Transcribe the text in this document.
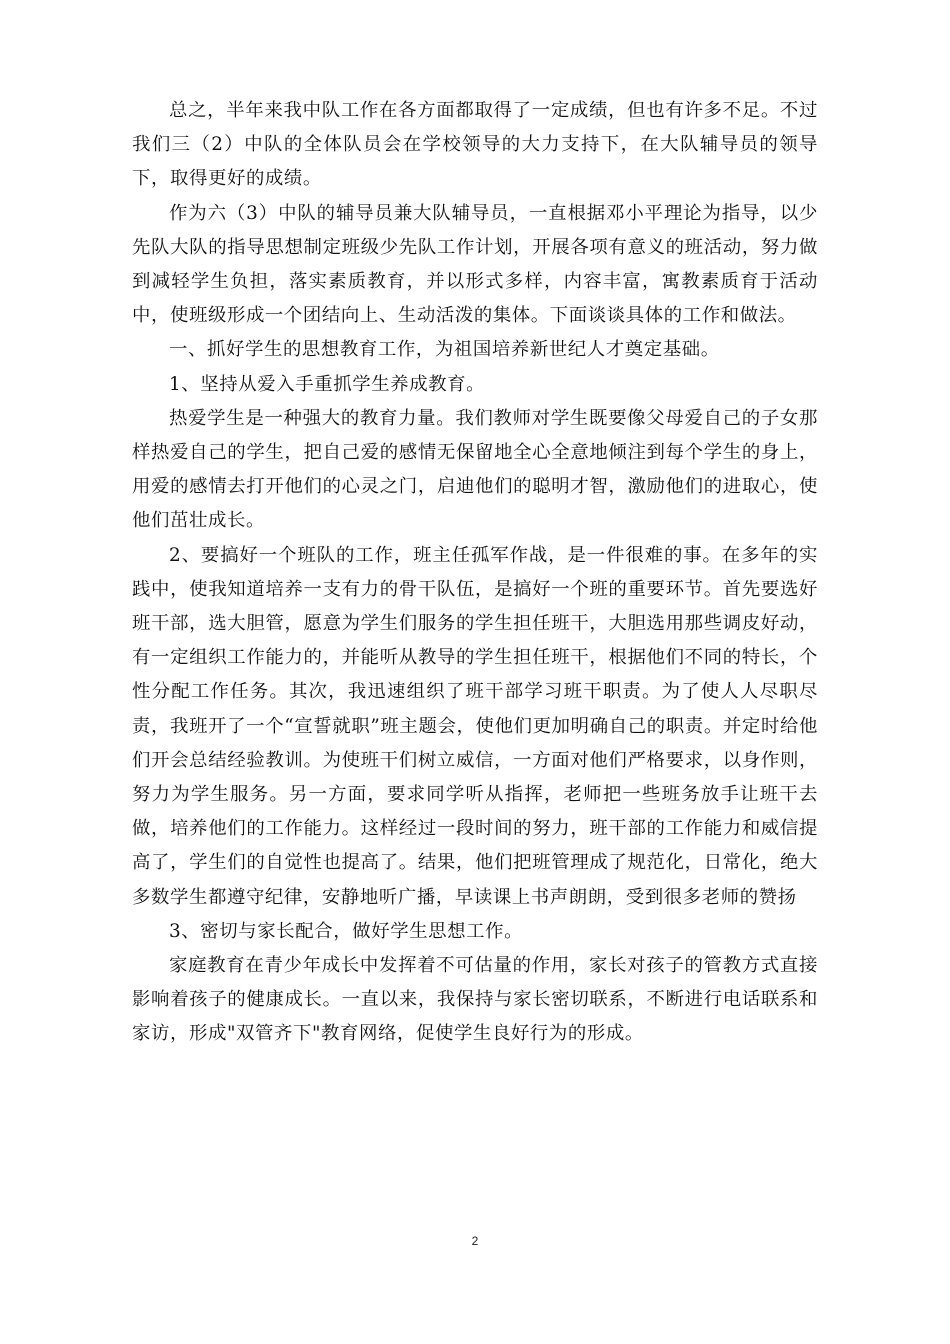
总之，半年来我中队工作在各方面都取得了一定成绩，但也有许多不足。不过我们三（2）中队的全体队员会在学校领导的大力支持下，在大队辅导员的领导下，取得更好的成绩。

作为六（3）中队的辅导员兼大队辅导员，一直根据邓小平理论为指导，以少先队大队的指导思想制定班级少先队工作计划，开展各项有意义的班活动，努力做到减轻学生负担，落实素质教育，并以形式多样，内容丰富，寓教素质育于活动中，使班级形成一个团结向上、生动活泼的集体。下面谈谈具体的工作和做法。

一、抓好学生的思想教育工作，为祖国培养新世纪人才奠定基础。

1、坚持从爱入手重抓学生养成教育。

热爱学生是一种强大的教育力量。我们教师对学生既要像父母爱自己的子女那样热爱自己的学生，把自己爱的感情无保留地全心全意地倾注到每个学生的身上，用爱的感情去打开他们的心灵之门，启迪他们的聪明才智，激励他们的进取心，使他们茁壮成长。

2、要搞好一个班队的工作，班主任孤军作战，是一件很难的事。在多年的实践中，使我知道培养一支有力的骨干队伍，是搞好一个班的重要环节。首先要选好班干部，选大胆管，愿意为学生们服务的学生担任班干，大胆选用那些调皮好动，有一定组织工作能力的，并能听从教导的学生担任班干，根据他们不同的特长，个性分配工作任务。其次，我迅速组织了班干部学习班干职责。为了使人人尽职尽责，我班开了一个“宣誓就职”班主题会，使他们更加明确自己的职责。并定时给他们开会总结经验教训。为使班干们树立威信，一方面对他们严格要求，以身作则，努力为学生服务。另一方面，要求同学听从指挥，老师把一些班务放手让班干去做，培养他们的工作能力。这样经过一段时间的努力，班干部的工作能力和威信提高了，学生们的自觉性也提高了。结果，他们把班管理成了规范化，日常化，绝大多数学生都遵守纪律，安静地听广播，早读课上书声朗朗，受到很多老师的赞扬

3、密切与家长配合，做好学生思想工作。

家庭教育在青少年成长中发挥着不可估量的作用，家长对孩子的管教方式直接影响着孩子的健康成长。一直以来，我保持与家长密切联系，不断进行电话联系和家访，形成"双管齐下"教育网络，促使学生良好行为的形成。

2
